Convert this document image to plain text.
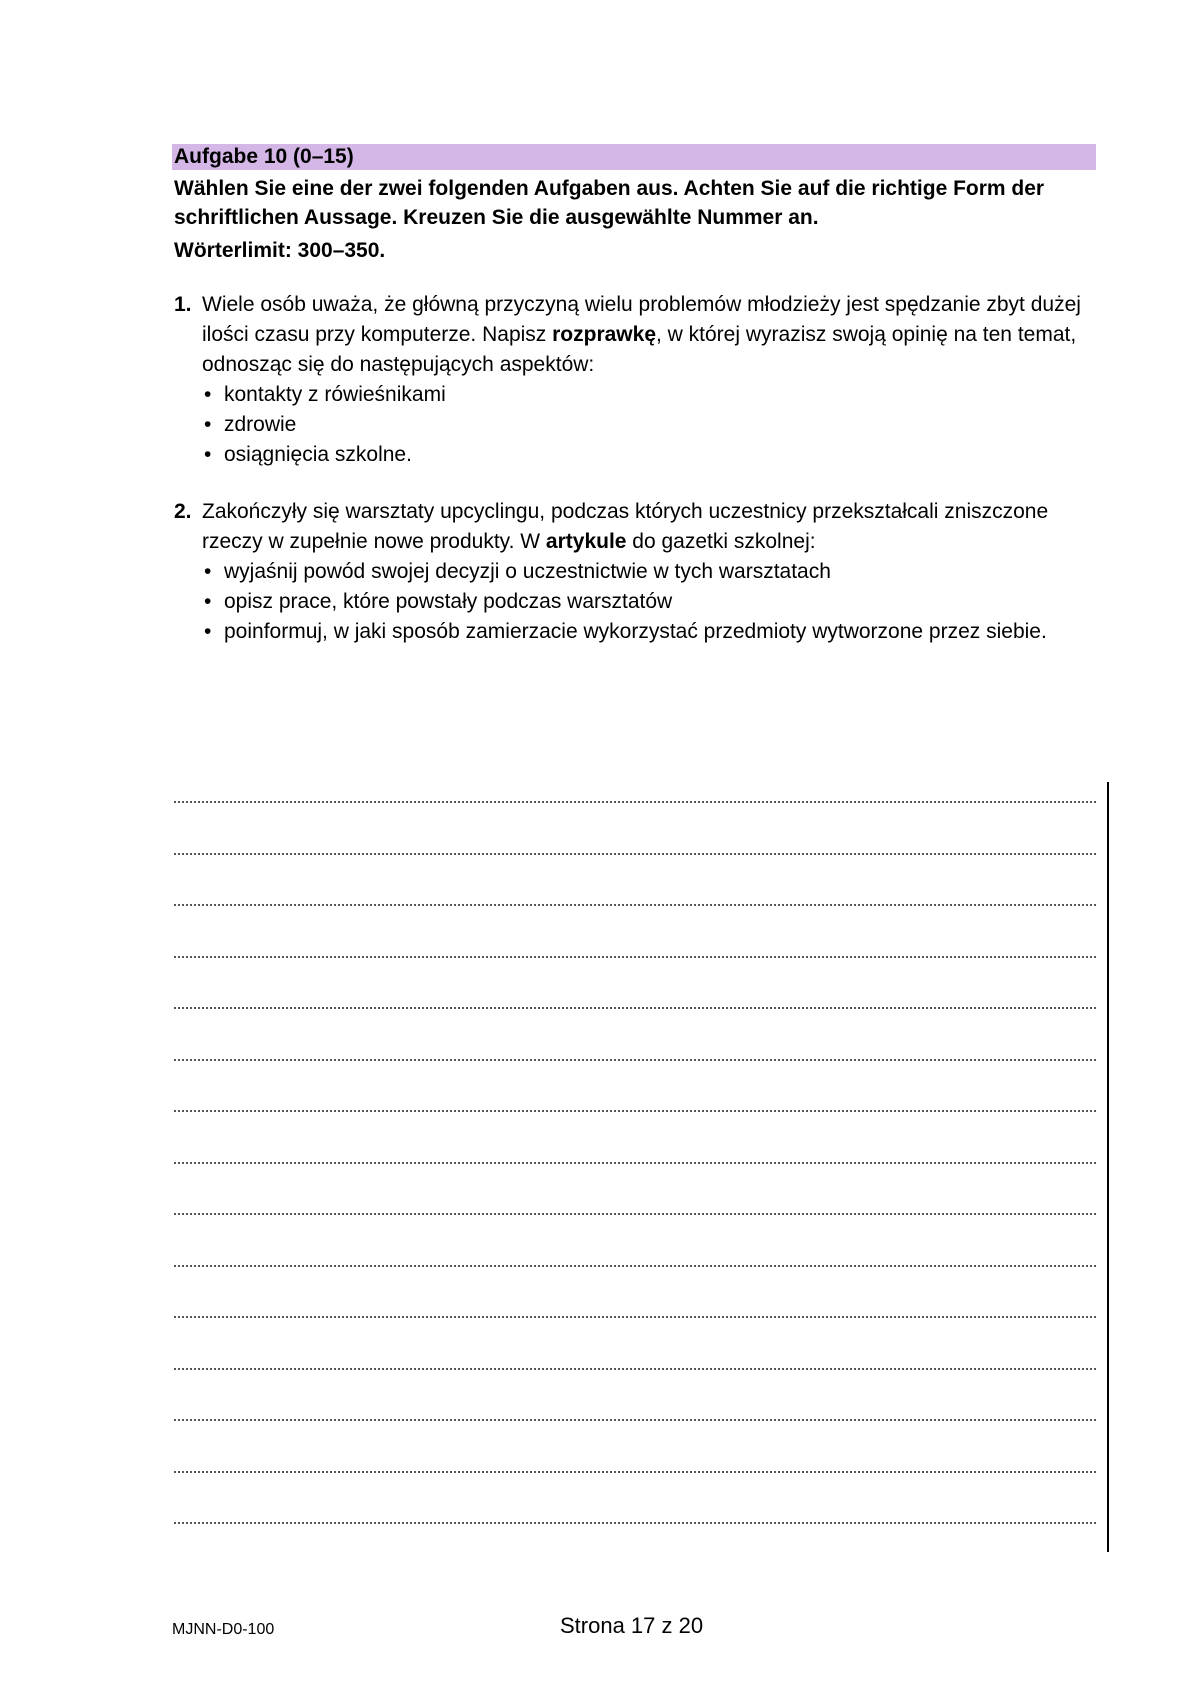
Aufgabe 10 (0–15)
Wählen Sie eine der zwei folgenden Aufgaben aus. Achten Sie auf die richtige Form der schriftlichen Aussage. Kreuzen Sie die ausgewählte Nummer an.
Wörterlimit: 300–350.
1. Wiele osób uważa, że główną przyczyną wielu problemów młodzieży jest spędzanie zbyt dużej ilości czasu przy komputerze. Napisz rozprawkę, w której wyrazisz swoją opinię na ten temat, odnosząc się do następujących aspektów:
• kontakty z rówieśnikami
• zdrowie
• osiągnięcia szkolne.
2. Zakończyły się warsztaty upcyclingu, podczas których uczestnicy przekształcali zniszczone rzeczy w zupełnie nowe produkty. W artykule do gazetki szkolnej:
• wyjaśnij powód swojej decyzji o uczestnictwie w tych warsztatach
• opisz prace, które powstały podczas warsztatów
• poinformuj, w jaki sposób zamierzacie wykorzystać przedmioty wytworzone przez siebie.
MJNN-D0-100	Strona 17 z 20
